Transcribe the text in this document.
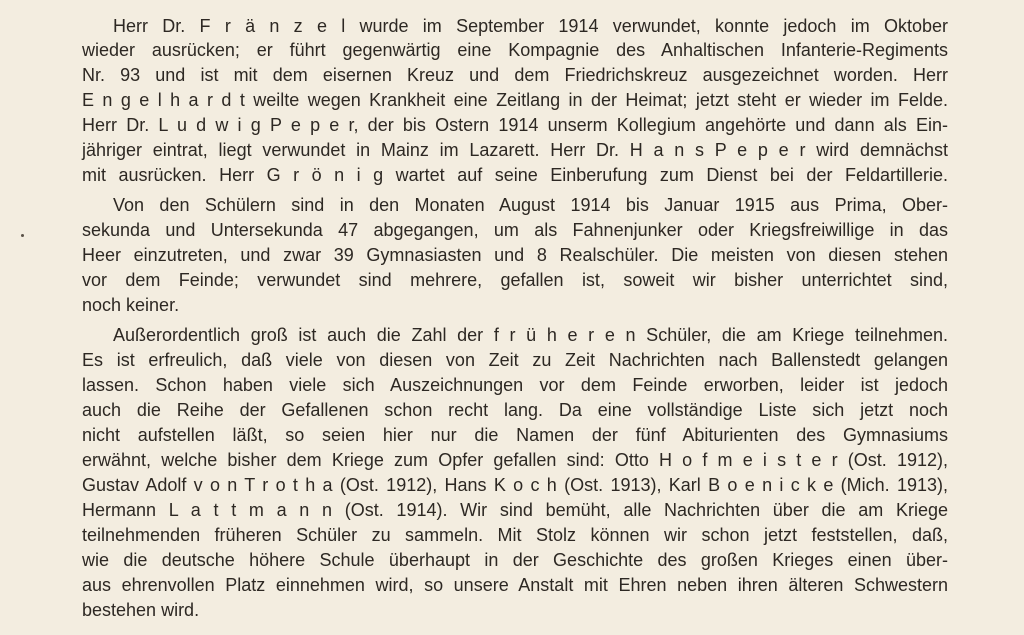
Herr Dr. F r ä n z e l wurde im September 1914 verwundet, konnte jedoch im Oktober
wieder ausrücken; er führt gegenwärtig eine Kompagnie des Anhaltischen Infanterie-Regiments
Nr. 93 und ist mit dem eisernen Kreuz und dem Friedrichskreuz ausgezeichnet worden. Herr
E n g e l h a r d t weilte wegen Krankheit eine Zeitlang in der Heimat; jetzt steht er wieder im Felde.
Herr Dr. L u d w i g P e p e r, der bis Ostern 1914 unserm Kollegium angehörte und dann als Ein-
jähriger eintrat, liegt verwundet in Mainz im Lazarett. Herr Dr. H a n s P e p e r wird demnächst
mit ausrücken. Herr G r ö n i g wartet auf seine Einberufung zum Dienst bei der Feldartillerie.
Von den Schülern sind in den Monaten August 1914 bis Januar 1915 aus Prima, Ober-
sekunda und Untersekunda 47 abgegangen, um als Fahnenjunker oder Kriegsfreiwillige in das
Heer einzutreten, und zwar 39 Gymnasiasten und 8 Realschüler. Die meisten von diesen stehen
vor dem Feinde; verwundet sind mehrere, gefallen ist, soweit wir bisher unterrichtet sind,
noch keiner.
Außerordentlich groß ist auch die Zahl der f r ü h e r e n Schüler, die am Kriege teilnehmen.
Es ist erfreulich, daß viele von diesen von Zeit zu Zeit Nachrichten nach Ballenstedt gelangen
lassen. Schon haben viele sich Auszeichnungen vor dem Feinde erworben, leider ist jedoch
auch die Reihe der Gefallenen schon recht lang. Da eine vollständige Liste sich jetzt noch
nicht aufstellen läßt, so seien hier nur die Namen der fünf Abiturienten des Gymnasiums
erwähnt, welche bisher dem Kriege zum Opfer gefallen sind: Otto H o f m e i s t e r (Ost. 1912),
Gustav Adolf v o n T r o t h a (Ost. 1912), Hans K o c h (Ost. 1913), Karl B o e n i c k e (Mich. 1913),
Hermann L a t t m a n n (Ost. 1914). Wir sind bemüht, alle Nachrichten über die am Kriege
teilnehmenden früheren Schüler zu sammeln. Mit Stolz können wir schon jetzt feststellen, daß,
wie die deutsche höhere Schule überhaupt in der Geschichte des großen Krieges einen über-
aus ehrenvollen Platz einnehmen wird, so unsere Anstalt mit Ehren neben ihren älteren Schwestern
bestehen wird.
